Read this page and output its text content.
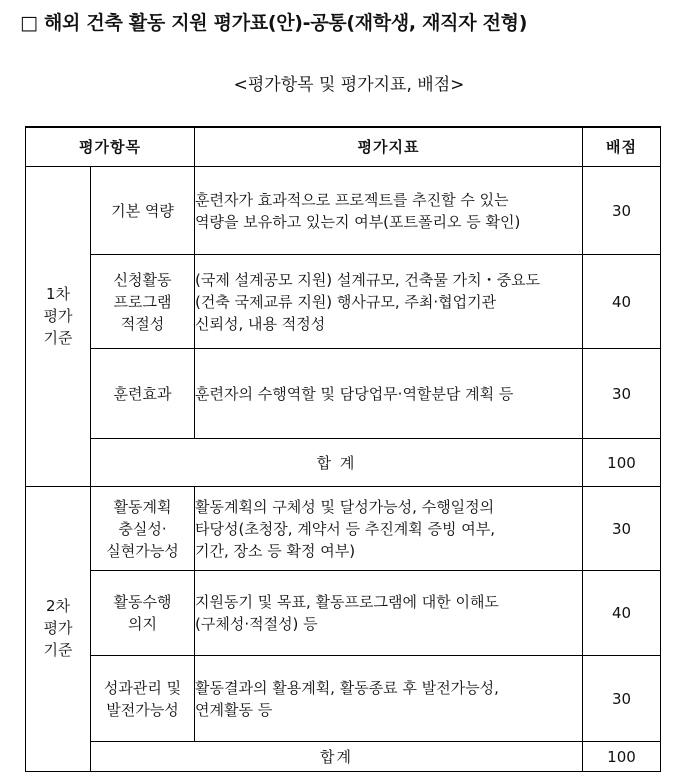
□ 해외 건축 활동 지원 평가표(안)-공통(재학생, 재직자 전형)
<평가항목 및 평가지표, 배점>
평가항목		평가지표	배점

1차
평가
기준	기본 역량	훈련자가 효과적으로 프로젝트를 추진할 수 있는
역량을 보유하고 있는지 여부(포트폴리오 등 확인)	30

	신청활동
프로그램
적절성	(국제 설계공모 지원) 설계규모, 건축물 가치・중요도
(건축 국제교류 지원) 행사규모, 주최·협업기관
신뢰성, 내용 적정성	40

	훈련효과	훈련자의 수행역할 및 담당업무·역할분담 계획 등	30
	합 계		100

2차
평가
기준	활동계획
충실성·
실현가능성	활동계획의 구체성 및 달성가능성, 수행일정의
타당성(초청장, 계약서 등 추진계획 증빙 여부,
기간, 장소 등 확정 여부)	30

	활동수행
의지	지원동기 및 목표, 활동프로그램에 대한 이해도
(구체성·적절성) 등	40

	성과관리 및
발전가능성	활동결과의 활용계획, 활동종료 후 발전가능성,
연계활동 등	30
	합계		100
